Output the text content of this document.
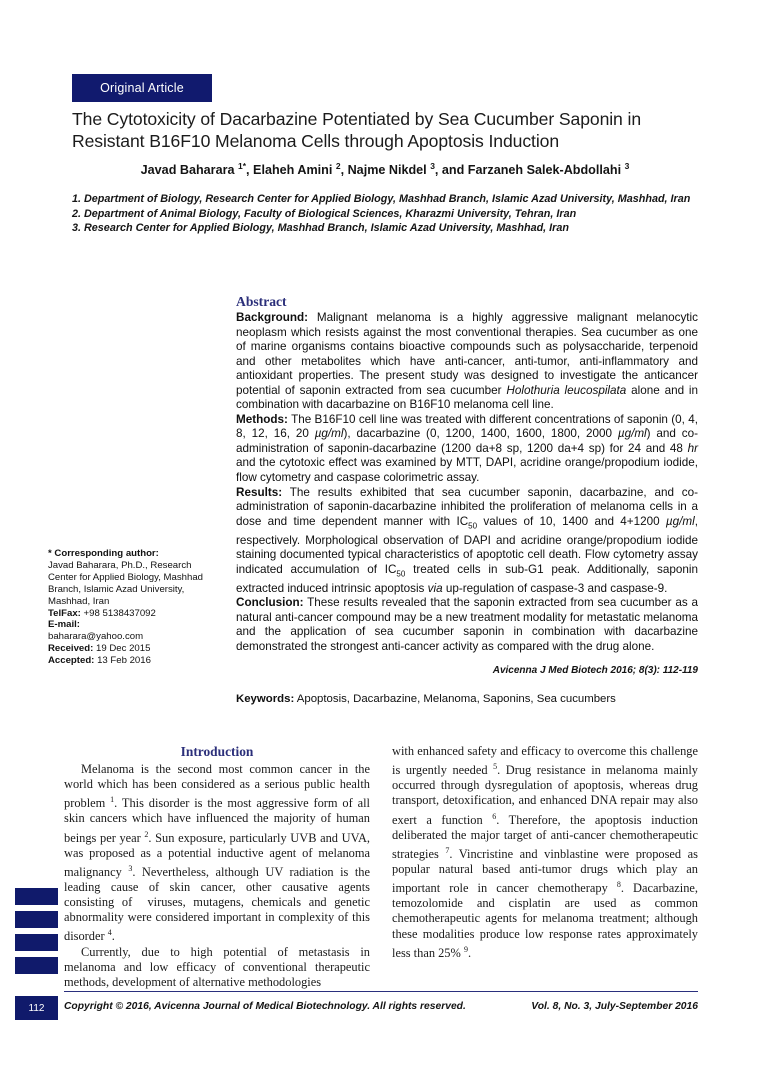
Original Article
The Cytotoxicity of Dacarbazine Potentiated by Sea Cucumber Saponin in Resistant B16F10 Melanoma Cells through Apoptosis Induction
Javad Baharara $^{1*}$, Elaheh Amini $^2$, Najme Nikdel $^3$, and Farzaneh Salek-Abdollahi $^3$
1. Department of Biology, Research Center for Applied Biology, Mashhad Branch, Islamic Azad University, Mashhad, Iran
2. Department of Animal Biology, Faculty of Biological Sciences, Kharazmi University, Tehran, Iran
3. Research Center for Applied Biology, Mashhad Branch, Islamic Azad University, Mashhad, Iran
* Corresponding author:
Javad Baharara, Ph.D., Research Center for Applied Biology, Mashhad Branch, Islamic Azad University, Mashhad, Iran
TelFax: +98 5138437092
E-mail:
baharara@yahoo.com
Received: 19 Dec 2015
Accepted: 13 Feb 2016
Abstract

Background: Malignant melanoma is a highly aggressive malignant melanocytic neoplasm which resists against the most conventional therapies. Sea cucumber as one of marine organisms contains bioactive compounds such as polysaccharide, terpenoid and other metabolites which have anti-cancer, anti-tumor, anti-inflammatory and antioxidant properties. The present study was designed to investigate the anticancer potential of saponin extracted from sea cucumber Holothuria leucospilata alone and in combination with dacarbazine on B16F10 melanoma cell line.

Methods: The B16F10 cell line was treated with different concentrations of saponin (0, 4, 8, 12, 16, 20 µg/ml), dacarbazine (0, 1200, 1400, 1600, 1800, 2000 µg/ml) and co-administration of saponin-dacarbazine (1200 da+8 sp, 1200 da+4 sp) for 24 and 48 hr and the cytotoxic effect was examined by MTT, DAPI, acridine orange/propodium iodide, flow cytometry and caspase colorimetric assay.

Results: The results exhibited that sea cucumber saponin, dacarbazine, and co-administration of saponin-dacarbazine inhibited the proliferation of melanoma cells in a dose and time dependent manner with $IC_{50}$ values of 10, 1400 and 4+1200 µg/ml, respectively. Morphological observation of DAPI and acridine orange/propodium iodide staining documented typical characteristics of apoptotic cell death. Flow cytometry assay indicated accumulation of $IC_{50}$ treated cells in sub-G1 peak. Additionally, saponin extracted induced intrinsic apoptosis via up-regulation of caspase-3 and caspase-9.

Conclusion: These results revealed that the saponin extracted from sea cucumber as a natural anti-cancer compound may be a new treatment modality for metastatic melanoma and the application of sea cucumber saponin in combination with dacarbazine demonstrated the strongest anti-cancer activity as compared with the drug alone.

Avicenna J Med Biotech 2016; 8(3): 112-119
Keywords: Apoptosis, Dacarbazine, Melanoma, Saponins, Sea cucumbers
Introduction

Melanoma is the second most common cancer in the world which has been considered as a serious public health problem $^1$. This disorder is the most aggressive form of all skin cancers which have influenced the majority of human beings per year $^2$. Sun exposure, particularly UVB and UVA, was proposed as a potential inductive agent of melanoma malignancy $^3$. Nevertheless, although UV radiation is the leading cause of skin cancer, other causative agents consisting of  viruses, mutagens, chemicals and genetic abnormality were considered important in complexity of this disorder $^4$.

Currently, due to high potential of metastasis in melanoma and low efficacy of conventional therapeutic methods, development of alternative methodologies

with enhanced safety and efficacy to overcome this challenge is urgently needed $^5$. Drug resistance in melanoma mainly occurred through dysregulation of apoptosis, whereas drug transport, detoxification, and enhanced DNA repair may also exert a function $^6$. Therefore, the apoptosis induction deliberated the major target of anti-cancer chemotherapeutic strategies $^7$. Vincristine and vinblastine were proposed as popular natural based anti-tumor drugs which play an important role in cancer chemotherapy $^8$. Dacarbazine, temozolomide and cisplatin are used as common chemotherapeutic agents for melanoma treatment; although these modalities produce low response rates approximately less than 25% $^9$.

112	Copyright © 2016, Avicenna Journal of Medical Biotechnology. All rights reserved.	Vol. 8, No. 3, July-September 2016
